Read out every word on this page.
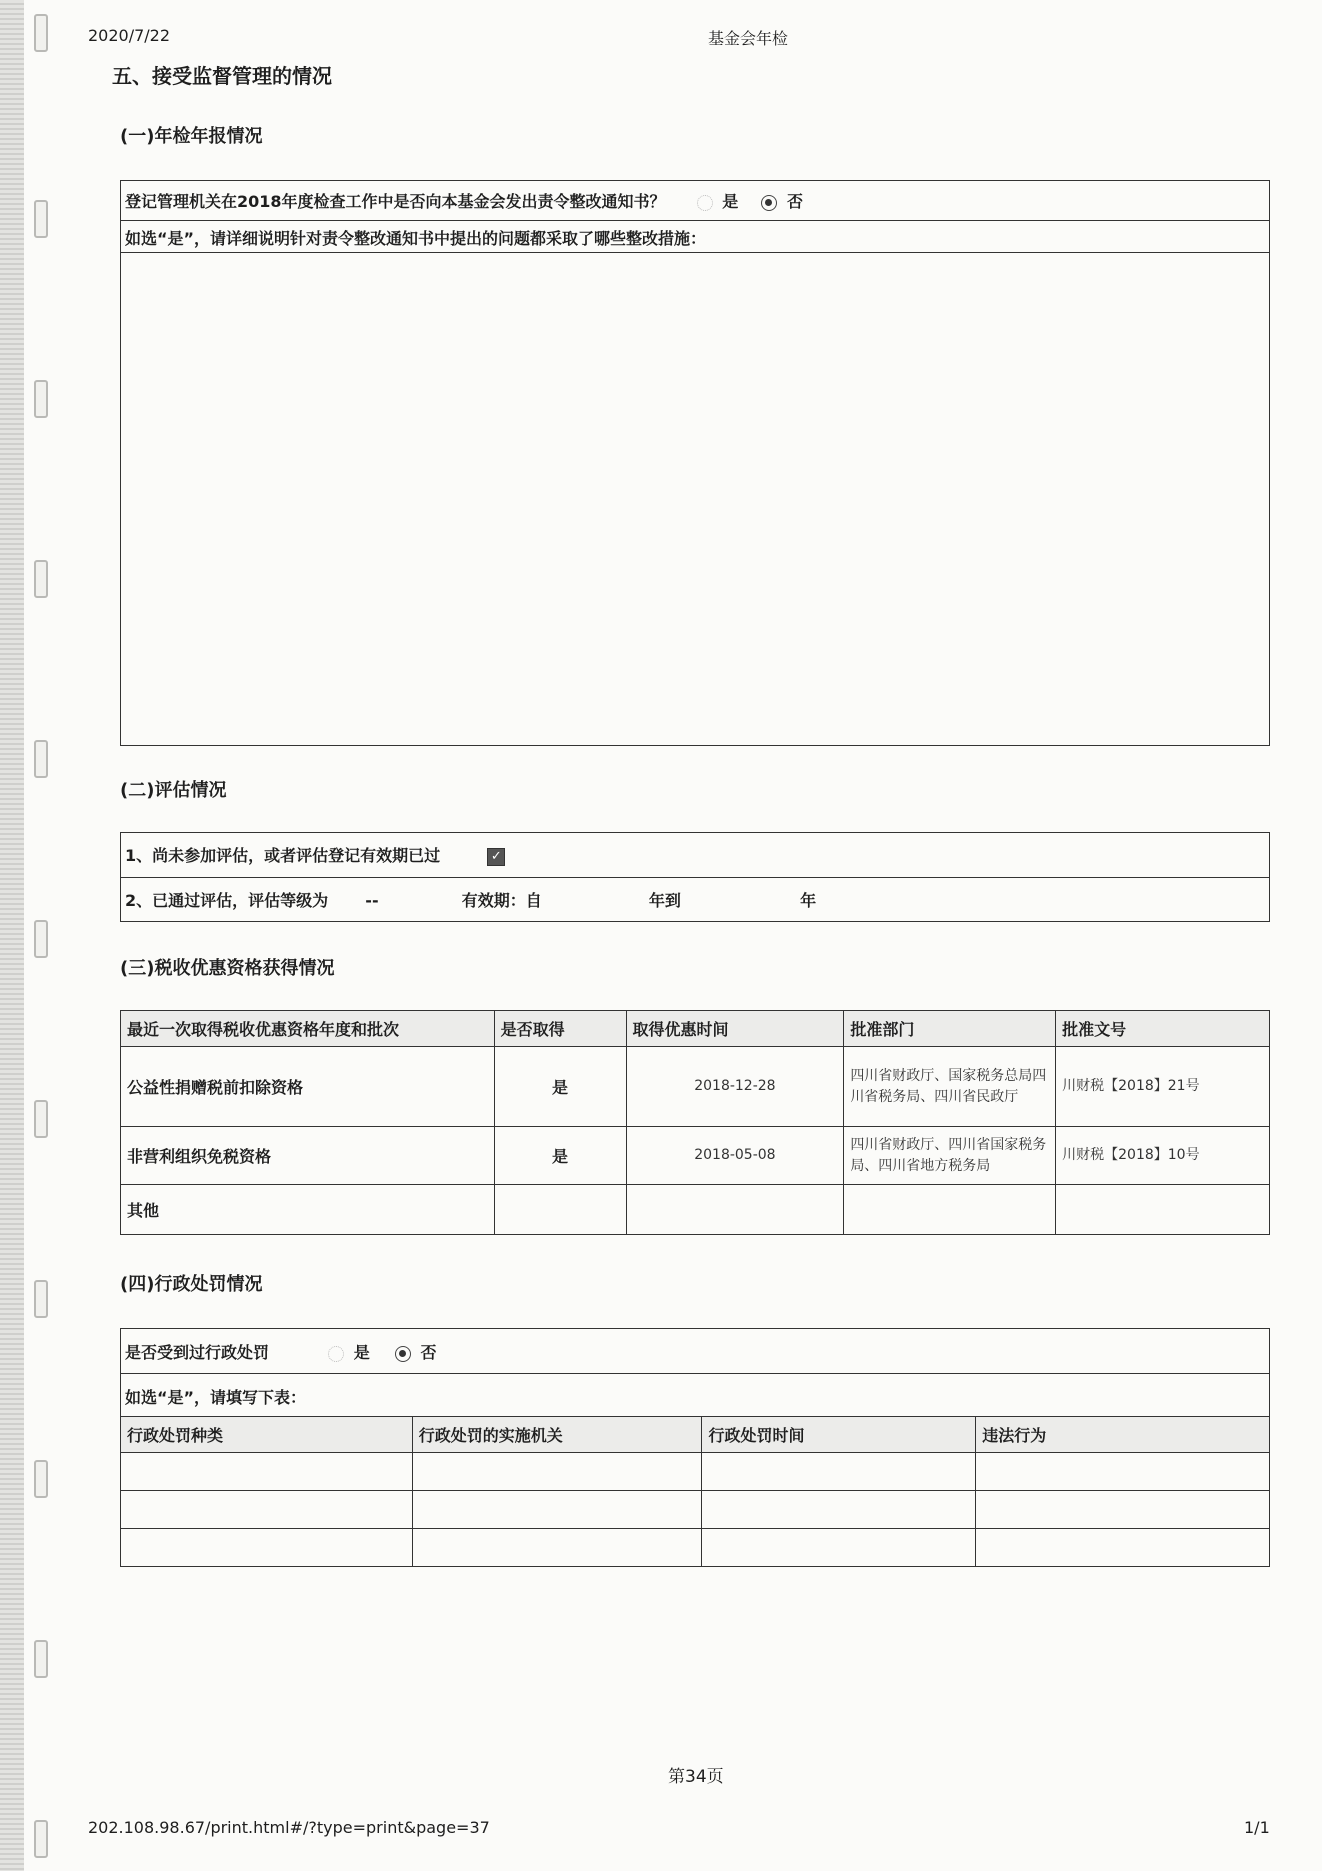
2020/7/22	基金会年检
五、接受监督管理的情况
(一)年检年报情况
登记管理机关在2018年度检查工作中是否向本基金会发出责令整改通知书？	是	否
如选“是”，请详细说明针对责令整改通知书中提出的问题都采取了哪些整改措施：
(二)评估情况
1、尚未参加评估，或者评估登记有效期已过	✓
2、已通过评估，评估等级为 --	有效期：自	年到	年
(三)税收优惠资格获得情况
最近一次取得税收优惠资格年度和批次	是否取得	取得优惠时间	批准部门	批准文号
公益性捐赠税前扣除资格	是	2018-12-28	四川省财政厅、国家税务总局四川省税务局、四川省民政厅	川财税【2018】21号
非营利组织免税资格	是	2018-05-08	四川省财政厅、四川省国家税务局、四川省地方税务局	川财税【2018】10号
其他				
(四)行政处罚情况
是否受到过行政处罚	是	否
如选“是”，请填写下表：
行政处罚种类	行政处罚的实施机关	行政处罚时间	违法行为

第34页
202.108.98.67/print.html#/?type=print&page=37	1/1
